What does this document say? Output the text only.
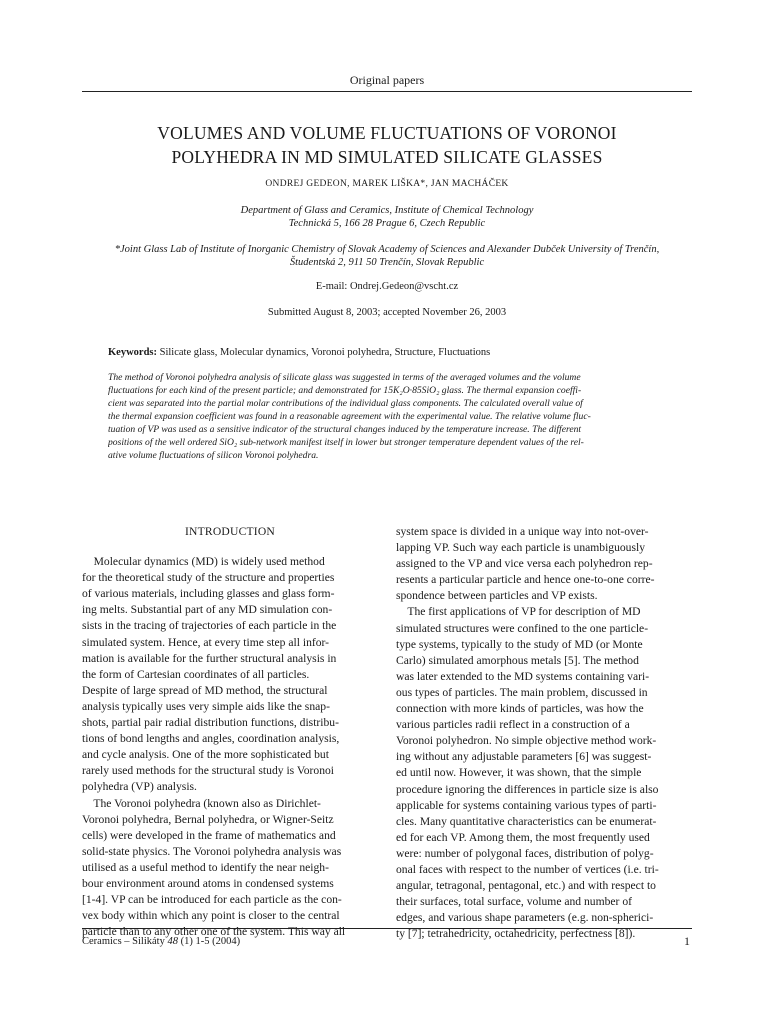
Original papers
VOLUMES AND VOLUME FLUCTUATIONS OF VORONOI
POLYHEDRA IN MD SIMULATED SILICATE GLASSES
ONDREJ GEDEON, MAREK LIŠKA*, JAN MACHÁČEK
Department of Glass and Ceramics, Institute of Chemical Technology
Technická 5, 166 28 Prague 6, Czech Republic
*Joint Glass Lab of Institute of Inorganic Chemistry of Slovak Academy of Sciences and Alexander Dubček University of Trenčín,
Študentská 2, 911 50 Trenčín, Slovak Republic
E-mail: Ondrej.Gedeon@vscht.cz
Submitted August 8, 2003; accepted November 26, 2003
Keywords: Silicate glass, Molecular dynamics, Voronoi polyhedra, Structure, Fluctuations
The method of Voronoi polyhedra analysis of silicate glass was suggested in terms of the averaged volumes and the volume
fluctuations for each kind of the present particle; and demonstrated for 15K₂O·85SiO₂ glass. The thermal expansion coeffi-
cient was separated into the partial molar contributions of the individual glass components. The calculated overall value of
the thermal expansion coefficient was found in a reasonable agreement with the experimental value. The relative volume fluc-
tuation of VP was used as a sensitive indicator of the structural changes induced by the temperature increase. The different
positions of the well ordered SiO₂ sub-network manifest itself in lower but stronger temperature dependent values of the rel-
ative volume fluctuations of silicon Voronoi polyhedra.
INTRODUCTION
Molecular dynamics (MD) is widely used method
for the theoretical study of the structure and properties
of various materials, including glasses and glass form-
ing melts. Substantial part of any MD simulation con-
sists in the tracing of trajectories of each particle in the
simulated system. Hence, at every time step all infor-
mation is available for the further structural analysis in
the form of Cartesian coordinates of all particles.
Despite of large spread of MD method, the structural
analysis typically uses very simple aids like the snap-
shots, partial pair radial distribution functions, distribu-
tions of bond lengths and angles, coordination analysis,
and cycle analysis. One of the more sophisticated but
rarely used methods for the structural study is Voronoi
polyhedra (VP) analysis.
The Voronoi polyhedra (known also as Dirichlet-
Voronoi polyhedra, Bernal polyhedra, or Wigner-Seitz
cells) were developed in the frame of mathematics and
solid-state physics. The Voronoi polyhedra analysis was
utilised as a useful method to identify the near neigh-
bour environment around atoms in condensed systems
[1-4]. VP can be introduced for each particle as the con-
vex body within which any point is closer to the central
particle than to any other one of the system. This way all
system space is divided in a unique way into not-over-
lapping VP. Such way each particle is unambiguously
assigned to the VP and vice versa each polyhedron rep-
resents a particular particle and hence one-to-one corre-
spondence between particles and VP exists.
The first applications of VP for description of MD
simulated structures were confined to the one particle-
type systems, typically to the study of MD (or Monte
Carlo) simulated amorphous metals [5]. The method
was later extended to the MD systems containing vari-
ous types of particles. The main problem, discussed in
connection with more kinds of particles, was how the
various particles radii reflect in a construction of a
Voronoi polyhedron. No simple objective method work-
ing without any adjustable parameters [6] was suggest-
ed until now. However, it was shown, that the simple
procedure ignoring the differences in particle size is also
applicable for systems containing various types of parti-
cles. Many quantitative characteristics can be enumerat-
ed for each VP. Among them, the most frequently used
were: number of polygonal faces, distribution of polyg-
onal faces with respect to the number of vertices (i.e. tri-
angular, tetragonal, pentagonal, etc.) and with respect to
their surfaces, total surface, volume and number of
edges, and various shape parameters (e.g. non-spherici-
ty [7]; tetrahedricity, octahedricity, perfectness [8]).
Ceramics – Silikáty 48 (1) 1-5 (2004)	1
